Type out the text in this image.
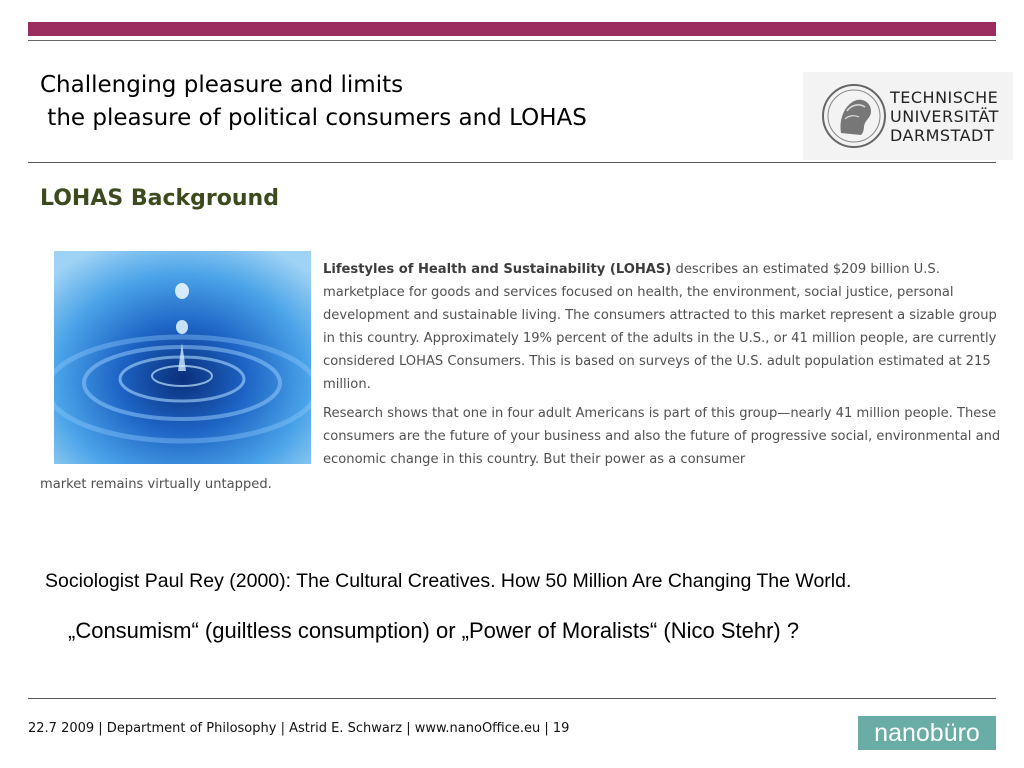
Challenging pleasure and limits
the pleasure of political consumers and LOHAS
TECHNISCHE
UNIVERSITÄT
DARMSTADT
LOHAS Background
Lifestyles of Health and Sustainability (LOHAS) describes an estimated $209 billion U.S. marketplace for goods and services focused on health, the environment, social justice, personal development and sustainable living. The consumers attracted to this market represent a sizable group in this country. Approximately 19% percent of the adults in the U.S., or 41 million people, are currently considered LOHAS Consumers. This is based on surveys of the U.S. adult population estimated at 215 million.
Research shows that one in four adult Americans is part of this group—nearly 41 million people. These consumers are the future of your business and also the future of progressive social, environmental and economic change in this country. But their power as a consumer
market remains virtually untapped.
Sociologist Paul Rey (2000): The Cultural Creatives. How 50 Million Are Changing The World.
„Consumism“ (guiltless consumption) or „Power of Moralists“ (Nico Stehr) ?
22.7 2009 | Department of Philosophy | Astrid E. Schwarz | www.nanoOffice.eu | 19	nanobüro
